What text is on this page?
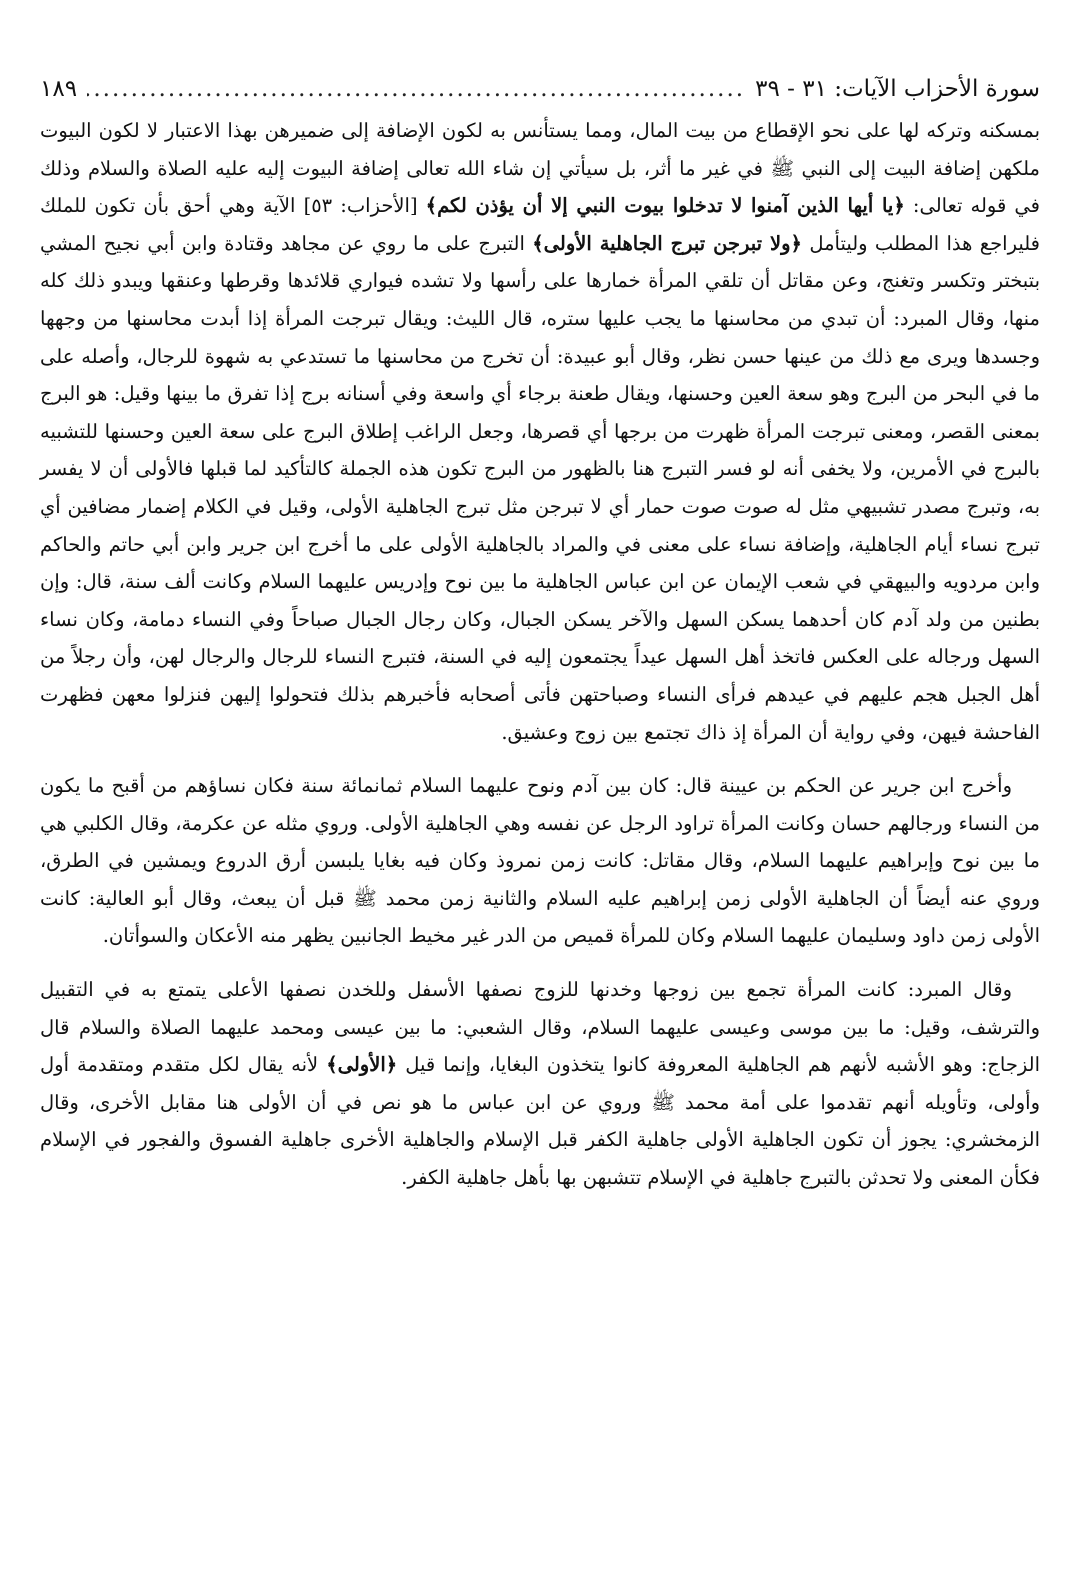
سورة الأحزاب الآيات: ٣١ - ٣٩
.....
١٨٩

بمسكنه وتركه لها على نحو الإقطاع من بيت المال، ومما يستأنس به لكون الإضافة إلى ضميرهن بهذا الاعتبار لا لكون البيوت ملكهن إضافة البيت إلى النبي ﷺ في غير ما أثر، بل سيأتي إن شاء الله تعالى إضافة البيوت إليه عليه الصلاة والسلام وذلك في قوله تعالى: ﴿يا أيها الذين آمنوا لا تدخلوا بيوت النبي إلا أن يؤذن لكم﴾ [الأحزاب: ٥٣] الآية وهي أحق بأن تكون للملك فليراجع هذا المطلب وليتأمل ﴿ولا تبرجن تبرج الجاهلية الأولى﴾ التبرج على ما روي عن مجاهد وقتادة وابن أبي نجيح المشي بتبختر وتكسر وتغنج، وعن مقاتل أن تلقي المرأة خمارها على رأسها ولا تشده فيواري قلائدها وقرطها وعنقها ويبدو ذلك كله منها، وقال المبرد: أن تبدي من محاسنها ما يجب عليها ستره، قال الليث: ويقال تبرجت المرأة إذا أبدت محاسنها من وجهها وجسدها ويرى مع ذلك من عينها حسن نظر، وقال أبو عبيدة: أن تخرج من محاسنها ما تستدعي به شهوة للرجال، وأصله على ما في البحر من البرج وهو سعة العين وحسنها، ويقال طعنة برجاء أي واسعة وفي أسنانه برج إذا تفرق ما بينها وقيل: هو البرج بمعنى القصر، ومعنى تبرجت المرأة ظهرت من برجها أي قصرها، وجعل الراغب إطلاق البرج على سعة العين وحسنها للتشبيه بالبرج في الأمرين، ولا يخفى أنه لو فسر التبرج هنا بالظهور من البرج تكون هذه الجملة كالتأكيد لما قبلها فالأولى أن لا يفسر به، وتبرج مصدر تشبيهي مثل له صوت صوت حمار أي لا تبرجن مثل تبرج الجاهلية الأولى، وقيل في الكلام إضمار مضافين أي تبرج نساء أيام الجاهلية، وإضافة نساء على معنى في والمراد بالجاهلية الأولى على ما أخرج ابن جرير وابن أبي حاتم والحاكم وابن مردويه والبيهقي في شعب الإيمان عن ابن عباس الجاهلية ما بين نوح وإدريس عليهما السلام وكانت ألف سنة، قال: وإن بطنين من ولد آدم كان أحدهما يسكن السهل والآخر يسكن الجبال، وكان رجال الجبال صباحاً وفي النساء دمامة، وكان نساء السهل ورجاله على العكس فاتخذ أهل السهل عيداً يجتمعون إليه في السنة، فتبرج النساء للرجال والرجال لهن، وأن رجلاً من أهل الجبل هجم عليهم في عيدهم فرأى النساء وصباحتهن فأتى أصحابه فأخبرهم بذلك فتحولوا إليهن فنزلوا معهن فظهرت الفاحشة فيهن، وفي رواية أن المرأة إذ ذاك تجتمع بين زوج وعشيق.

وأخرج ابن جرير عن الحكم بن عيينة قال: كان بين آدم ونوح عليهما السلام ثمانمائة سنة فكان نساؤهم من أقبح ما يكون من النساء ورجالهم حسان وكانت المرأة تراود الرجل عن نفسه وهي الجاهلية الأولى. وروي مثله عن عكرمة، وقال الكلبي هي ما بين نوح وإبراهيم عليهما السلام، وقال مقاتل: كانت زمن نمروذ وكان فيه بغايا يلبسن أرق الدروع ويمشين في الطرق، وروي عنه أيضاً أن الجاهلية الأولى زمن إبراهيم عليه السلام والثانية زمن محمد ﷺ قبل أن يبعث، وقال أبو العالية: كانت الأولى زمن داود وسليمان عليهما السلام وكان للمرأة قميص من الدر غير مخيط الجانبين يظهر منه الأعكان والسوأتان.

وقال المبرد: كانت المرأة تجمع بين زوجها وخدنها للزوج نصفها الأسفل وللخدن نصفها الأعلى يتمتع به في التقبيل والترشف، وقيل: ما بين موسى وعيسى عليهما السلام، وقال الشعبي: ما بين عيسى ومحمد عليهما الصلاة والسلام قال الزجاج: وهو الأشبه لأنهم هم الجاهلية المعروفة كانوا يتخذون البغايا، وإنما قيل ﴿الأولى﴾ لأنه يقال لكل متقدم ومتقدمة أول وأولى، وتأويله أنهم تقدموا على أمة محمد ﷺ وروي عن ابن عباس ما هو نص في أن الأولى هنا مقابل الأخرى، وقال الزمخشري: يجوز أن تكون الجاهلية الأولى جاهلية الكفر قبل الإسلام والجاهلية الأخرى جاهلية الفسوق والفجور في الإسلام فكأن المعنى ولا تحدثن بالتبرج جاهلية في الإسلام تتشبهن بها بأهل جاهلية الكفر.
